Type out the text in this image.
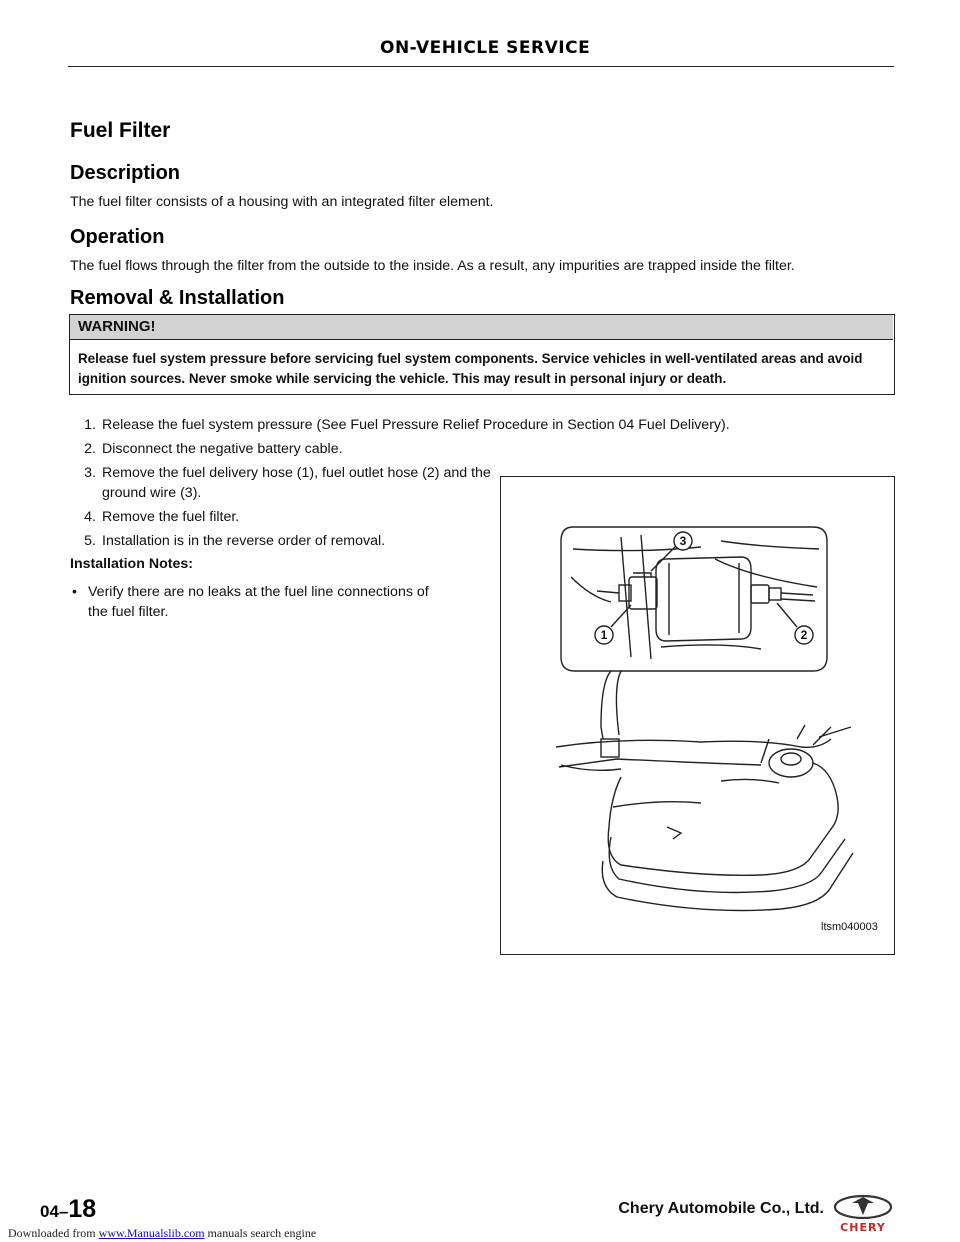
ON-VEHICLE SERVICE
Fuel Filter
Description
The fuel filter consists of a housing with an integrated filter element.
Operation
The fuel flows through the filter from the outside to the inside. As a result, any impurities are trapped inside the filter.
Removal & Installation
WARNING!
Release fuel system pressure before servicing fuel system components. Service vehicles in well-ventilated areas and avoid ignition sources. Never smoke while servicing the vehicle. This may result in personal injury or death.
1. Release the fuel system pressure (See Fuel Pressure Relief Procedure in Section 04 Fuel Delivery).
2. Disconnect the negative battery cable.
3. Remove the fuel delivery hose (1), fuel outlet hose (2) and the ground wire (3).
4. Remove the fuel filter.
5. Installation is in the reverse order of removal.
Installation Notes:
• Verify there are no leaks at the fuel line connections of the fuel filter.
1	2
3
ltsm040003
04–18	Chery Automobile Co., Ltd.
CHERY
Downloaded from www.Manualslib.com manuals search engine
